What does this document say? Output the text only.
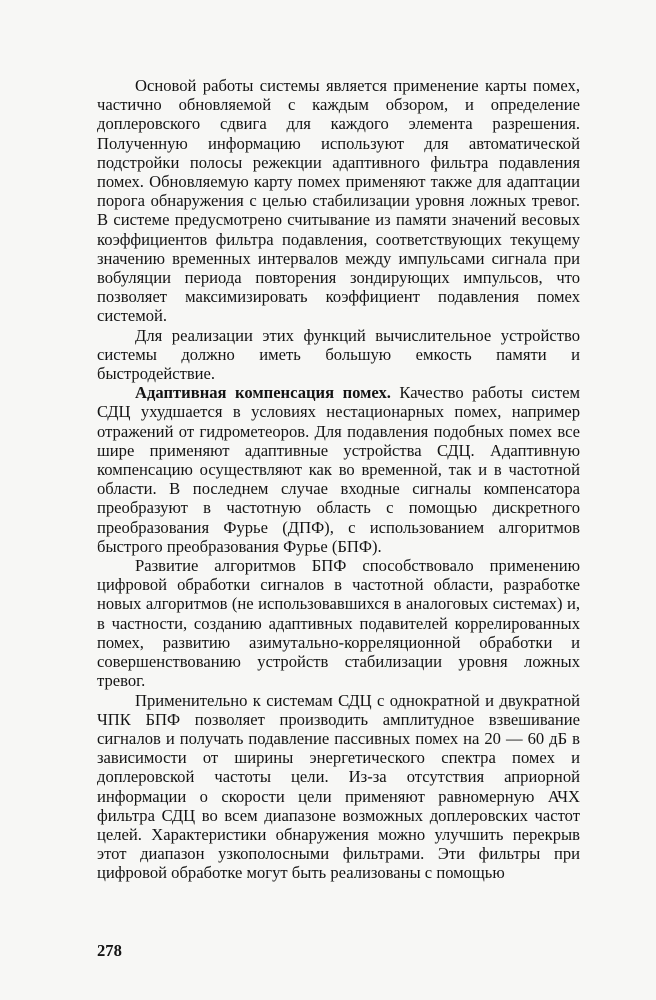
Основой работы системы является применение карты помех, частично обновляемой с каждым обзором, и определение доплеровского сдвига для каждого элемента разрешения. Полученную информацию используют для автоматической подстройки полосы режекции адаптивного фильтра подавления помех. Обновляемую карту помех применяют также для адаптации порога обнаружения с целью стабилизации уровня ложных тревог. В системе предусмотрено считывание из памяти значений весовых коэффициентов фильтра подавления, соответствующих текущему значению временных интервалов между импульсами сигнала при вобуляции периода повторения зондирующих импульсов, что позволяет максимизировать коэффициент подавления помех системой.

Для реализации этих функций вычислительное устройство системы должно иметь большую емкость памяти и быстродействие.

Адаптивная компенсация помех. Качество работы систем СДЦ ухудшается в условиях нестационарных помех, например отражений от гидрометеоров. Для подавления подобных помех все шире применяют адаптивные устройства СДЦ. Адаптивную компенсацию осуществляют как во временной, так и в частотной области. В последнем случае входные сигналы компенсатора преобразуют в частотную область с помощью дискретного преобразования Фурье (ДПФ), с использованием алгоритмов быстрого преобразования Фурье (БПФ).

Развитие алгоритмов БПФ способствовало применению цифровой обработки сигналов в частотной области, разработке новых алгоритмов (не использовавшихся в аналоговых системах) и, в частности, созданию адаптивных подавителей коррелированных помех, развитию азимутально-корреляционной обработки и совершенствованию устройств стабилизации уровня ложных тревог.

Применительно к системам СДЦ с однократной и двукратной ЧПК БПФ позволяет производить амплитудное взвешивание сигналов и получать подавление пассивных помех на 20 — 60 дБ в зависимости от ширины энергетического спектра помех и доплеровской частоты цели. Из-за отсутствия априорной информации о скорости цели применяют равномерную АЧХ фильтра СДЦ во всем диапазоне возможных доплеровских частот целей. Характеристики обнаружения можно улучшить перекрыв этот диапазон узкополосными фильтрами. Эти фильтры при цифровой обработке могут быть реализованы с помощью

278
